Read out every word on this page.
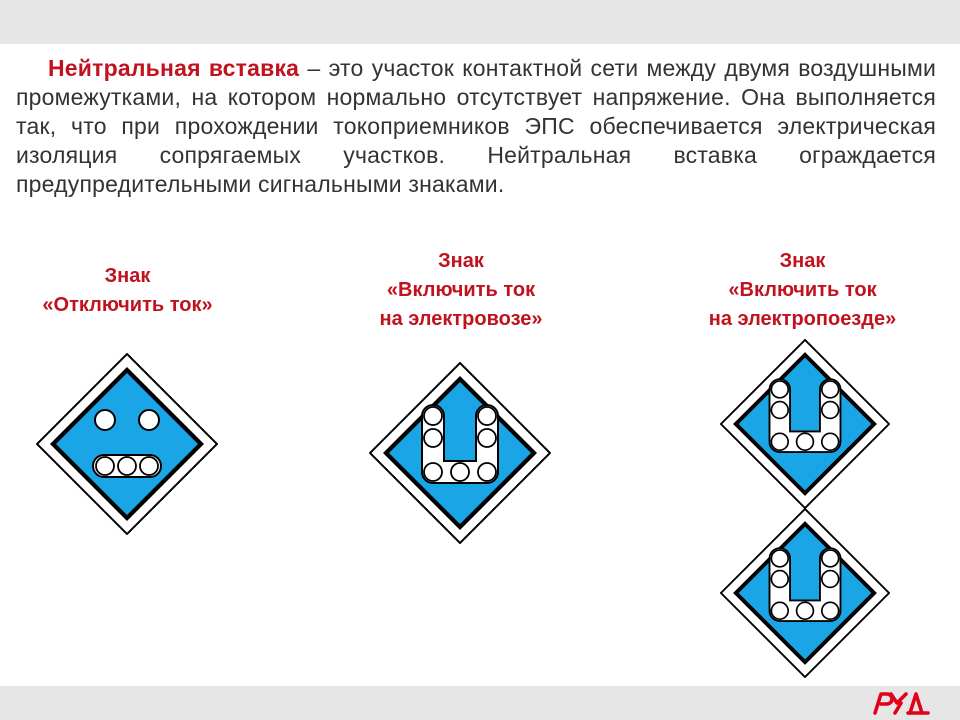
Нейтральная вставка – это участок контактной сети между двумя воздушными промежутками, на котором нормально отсутствует напряжение. Она выполняется так, что при прохождении токоприемников ЭПС обеспечивается электрическая изоляция сопрягаемых участков. Нейтральная вставка ограждается предупредительными сигнальными знаками.
Знак
«Отключить ток»
Знак
«Включить ток
на электровозе»
Знак
«Включить ток
на электропоезде»
